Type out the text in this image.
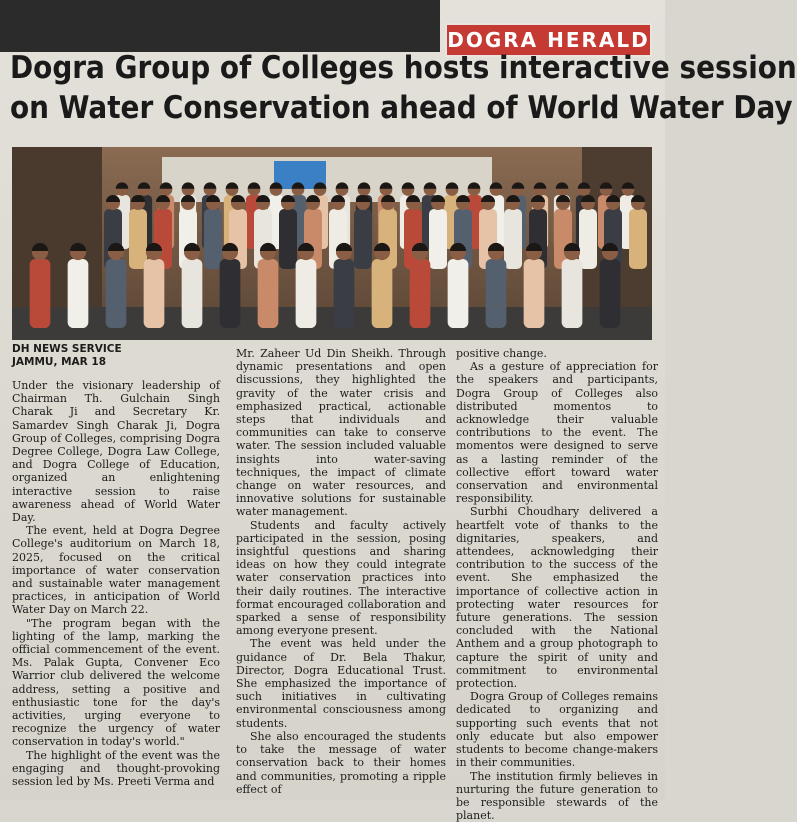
DOGRA HERALD
Dogra Group of Colleges hosts interactive session
on Water Conservation ahead of World Water Day
DH NEWS SERVICE
JAMMU, MAR 18

Under the visionary leadership of Chairman Th. Gulchain Singh Charak Ji and Secretary Kr. Samardev Singh Charak Ji, Dogra Group of Colleges, comprising Dogra Degree College, Dogra Law College, and Dogra College of Education, organized an enlightening interactive session to raise awareness ahead of World Water Day.

The event, held at Dogra Degree College's auditorium on March 18, 2025, focused on the critical importance of water conservation and sustainable water management practices, in anticipation of World Water Day on March 22.

"The program began with the lighting of the lamp, marking the official commencement of the event. Ms. Palak Gupta, Convener Eco Warrior club delivered the welcome address, setting a positive and enthusiastic tone for the day's activities, urging everyone to recognize the urgency of water conservation in today's world."

The highlight of the event was the engaging and thought-provoking session led by Ms. Preeti Verma and

Mr. Zaheer Ud Din Sheikh. Through dynamic presentations and open discussions, they highlighted the gravity of the water crisis and emphasized practical, actionable steps that individuals and communities can take to conserve water. The session included valuable insights into water-saving techniques, the impact of climate change on water resources, and innovative solutions for sustainable water management.

Students and faculty actively participated in the session, posing insightful questions and sharing ideas on how they could integrate water conservation practices into their daily routines. The interactive format encouraged collaboration and sparked a sense of responsibility among everyone present.

The event was held under the guidance of Dr. Bela Thakur, Director, Dogra Educational Trust. She emphasized the importance of such initiatives in cultivating environmental consciousness among students.

She also encouraged the students to take the message of water conservation back to their homes and communities, promoting a ripple effect of

positive change.

As a gesture of appreciation for the speakers and participants, Dogra Group of Colleges also distributed momentos to acknowledge their valuable contributions to the event. The momentos were designed to serve as a lasting reminder of the collective effort toward water conservation and environmental responsibility.

Surbhi Choudhary delivered a heartfelt vote of thanks to the dignitaries, speakers, and attendees, acknowledging their contribution to the success of the event. She emphasized the importance of collective action in protecting water resources for future generations. The session concluded with the National Anthem and a group photograph to capture the spirit of unity and commitment to environmental protection.

Dogra Group of Colleges remains dedicated to organizing and supporting such events that not only educate but also empower students to become change-makers in their communities.

The institution firmly believes in nurturing the future generation to be responsible stewards of the planet.
